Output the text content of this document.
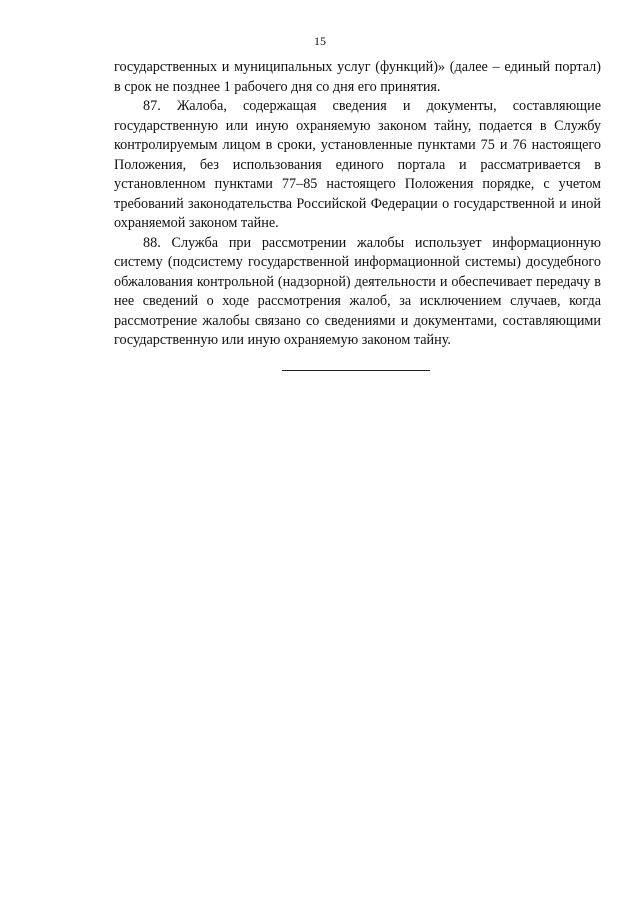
15

государственных и муниципальных услуг (функций)» (далее – единый портал) в срок не позднее 1 рабочего дня со дня его принятия.

87. Жалоба, содержащая сведения и документы, составляющие государственную или иную охраняемую законом тайну, подается в Службу контролируемым лицом в сроки, установленные пунктами 75 и 76 настоящего Положения, без использования единого портала и рассматривается в установленном пунктами 77–85 настоящего Положения порядке, с учетом требований законодательства Российской Федерации о государственной и иной охраняемой законом тайне.

88. Служба при рассмотрении жалобы использует информационную систему (подсистему государственной информационной системы) досудебного обжалования контрольной (надзорной) деятельности и обеспечивает передачу в нее сведений о ходе рассмотрения жалоб, за исключением случаев, когда рассмотрение жалобы связано со сведениями и документами, составляющими государственную или иную охраняемую законом тайну.
